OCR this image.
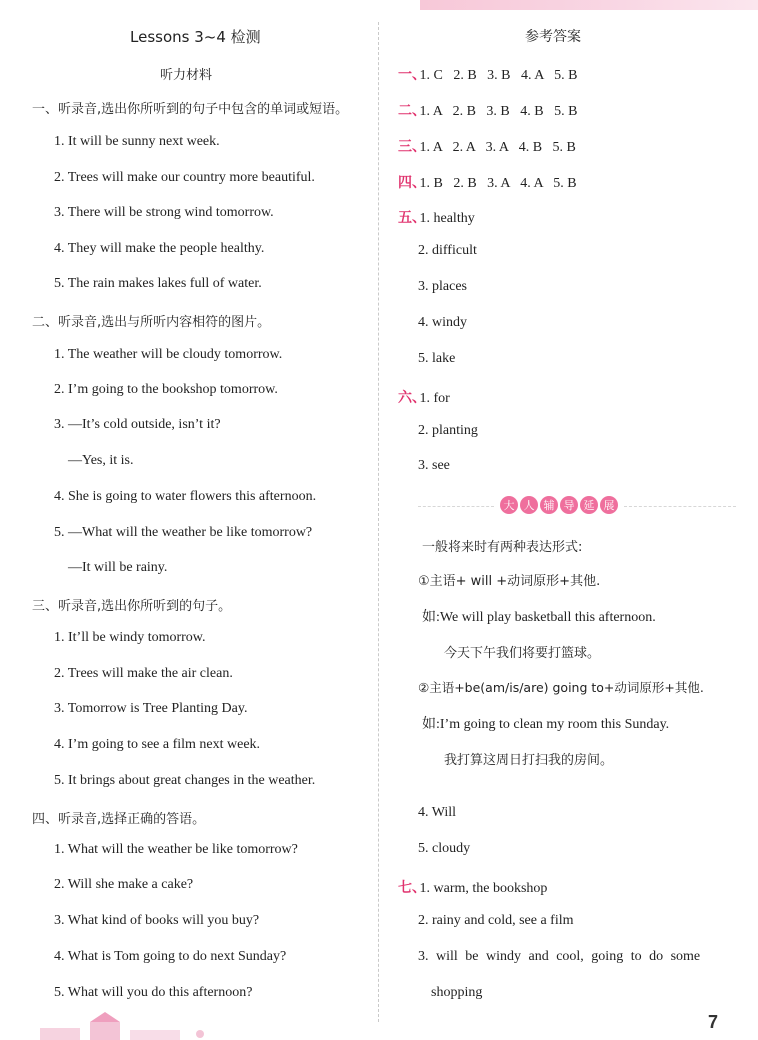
Lessons 3~4 检测
听力材料
一、听录音,选出你所听到的句子中包含的单词或短语。
1. It will be sunny next week.
2. Trees will make our country more beautiful.
3. There will be strong wind tomorrow.
4. They will make the people healthy.
5. The rain makes lakes full of water.
二、听录音,选出与所听内容相符的图片。
1. The weather will be cloudy tomorrow.
2. I’m going to the bookshop tomorrow.
3. —It’s cold outside, isn’t it?
—Yes, it is.
4. She is going to water flowers this afternoon.
5. —What will the weather be like tomorrow?
—It will be rainy.
三、听录音,选出你所听到的句子。
1. It’ll be windy tomorrow.
2. Trees will make the air clean.
3. Tomorrow is Tree Planting Day.
4. I’m going to see a film next week.
5. It brings about great changes in the weather.
四、听录音,选择正确的答语。
1. What will the weather be like tomorrow?
2. Will she make a cake?
3. What kind of books will you buy?
4. What is Tom going to do next Sunday?
5. What will you do this afternoon?
参考答案
一、 1. C   2. B   3. B   4. A   5. B
二、 1. A   2. B   3. B   4. B   5. B
三、 1. A   2. A   3. A   4. B   5. B
四、 1. B   2. B   3. A   4. A   5. B
五、 1. healthy
2. difficult
3. places
4. windy
5. lake
六、 1. for
2. planting
3. see
大 人 辅 导 延 展
一般将来时有两种表达形式:
①主语+ will +动词原形+其他.
如:We will play basketball this afternoon.
今天下午我们将要打篮球。
②主语+be(am/is/are) going to+动词原形+其他.
如:I’m going to clean my room this Sunday.
我打算这周日打扫我的房间。
4. Will
5. cloudy
七、 1. warm, the bookshop
2. rainy and cold, see a film
3. will be windy and cool, going to do some
shopping
7
